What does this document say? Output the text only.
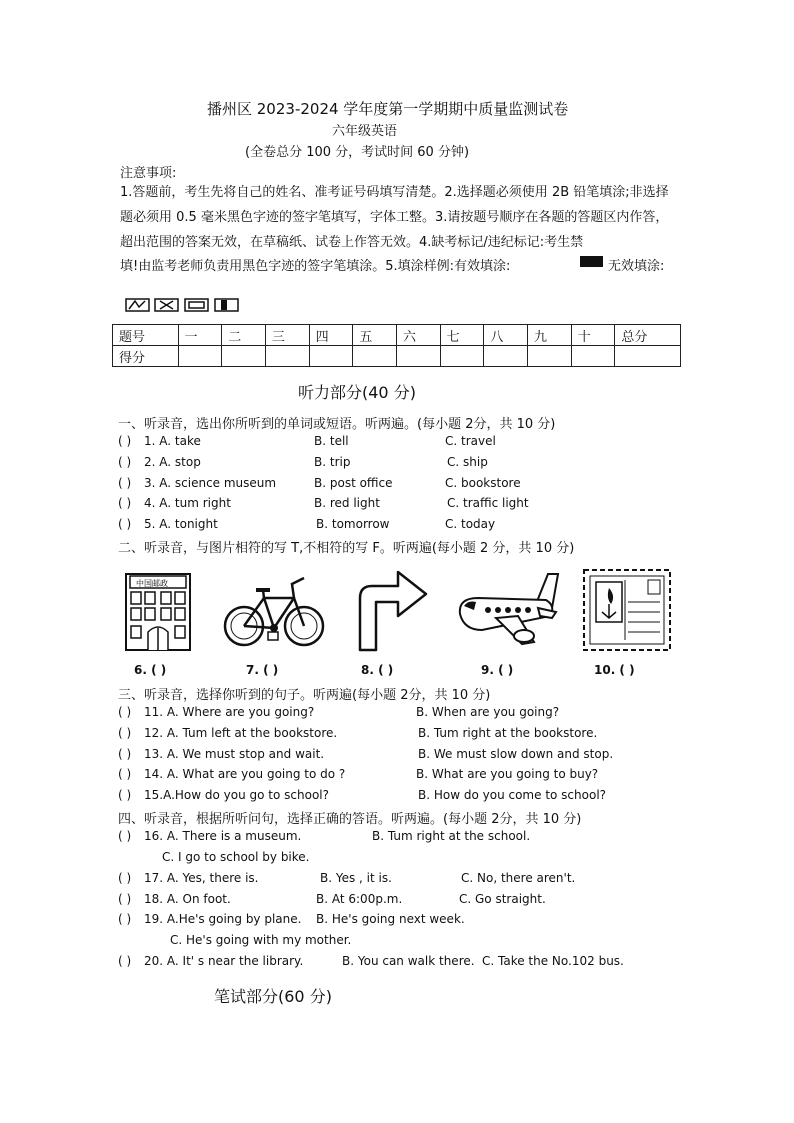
播州区 2023-2024 学年度第一学期期中质量监测试卷
六年级英语
(全卷总分 100 分，考试时间 60 分钟)
注意事项:
1.答题前，考生先将自己的姓名、准考证号码填写清楚。2.选择题必须使用 2B 铅笔填涂;非选择题必须用 0.5 毫米黑色字迹的签字笔填写，字体工整。3.请按题号顺序在各题的答题区内作答，超出范围的答案无效，在草稿纸、试卷上作答无效。4.缺考标记/违纪标记:考生禁
填!由监考老师负责用黑色字迹的签字笔填涂。5.填涂样例:有效填涂:	无效填涂:
题号	一	二	三	四	五	六	七	八	九	十	总分
得分											
听力部分(40 分)
一、听录音，选出你所听到的单词或短语。听两遍。(每小题 2分，共 10 分)
( ) 1. A. take	B. tell	C. travel
( ) 2. A. stop	B. trip	C. ship
( ) 3. A. science museum	B. post office	C. bookstore
( ) 4. A. tum right	B. red light	C. traffic light
( ) 5. A. tonight	B. tomorrow	C. today
二、听录音，与图片相符的写 T,不相符的写 F。听两遍(每小题 2 分，共 10 分)
中国邮政
6. ( )	7. ( )	8. ( )	9. ( )	10. ( )
三、听录音，选择你听到的句子。听两遍(每小题 2分，共 10 分)
( ) 11. A. Where are you going?	B. When are you going?
( ) 12. A. Tum left at the bookstore.	B. Tum right at the bookstore.
( ) 13. A. We must stop and wait.	B. We must slow down and stop.
( ) 14. A. What are you going to do ?	B. What are you going to buy?
( ) 15.A.How do you go to school?	B. How do you come to school?
四、听录音，根据所听问句，选择正确的答语。听两遍。(每小题 2分，共 10 分)
( ) 16. A. There is a museum.	B. Tum right at the school.
C. I go to school by bike.
( ) 17. A. Yes, there is.	B. Yes , it is.	C. No, there aren't.
( ) 18. A. On foot.	B. At 6:00p.m.	C. Go straight.
( ) 19. A.He's going by plane. B. He's going next week.
C. He's going with my mother.
( ) 20. A. It' s near the library.	B. You can walk there. C. Take the No.102 bus.
笔试部分(60 分)
